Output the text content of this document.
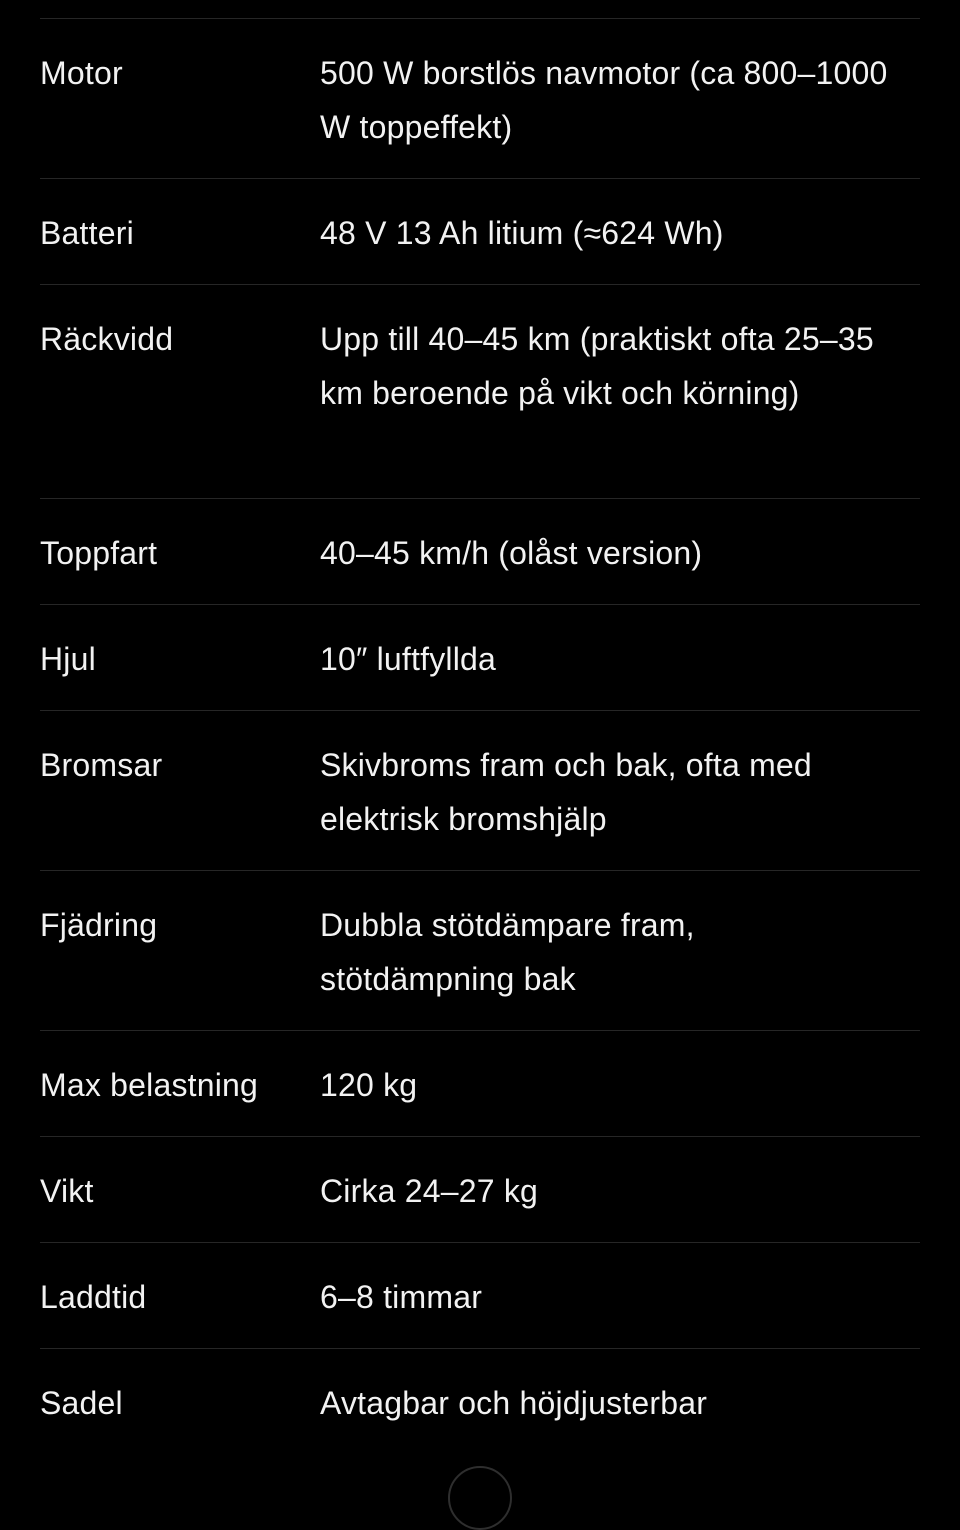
Motor	500 W borstlös navmotor (ca 800–1000 W toppeffekt)
Batteri	48 V 13 Ah litium (≈624 Wh)
Räckvidd	Upp till 40–45 km (praktiskt ofta 25–35 km beroende på vikt och körning)
Toppfart	40–45 km/h (olåst version)
Hjul	10″ luftfyllda
Bromsar	Skivbroms fram och bak, ofta med elektrisk bromshjälp
Fjädring	Dubbla stötdämpare fram, stötdämpning bak
Max belastning	120 kg
Vikt	Cirka 24–27 kg
Laddtid	6–8 timmar
Sadel	Avtagbar och höjdjusterbar
